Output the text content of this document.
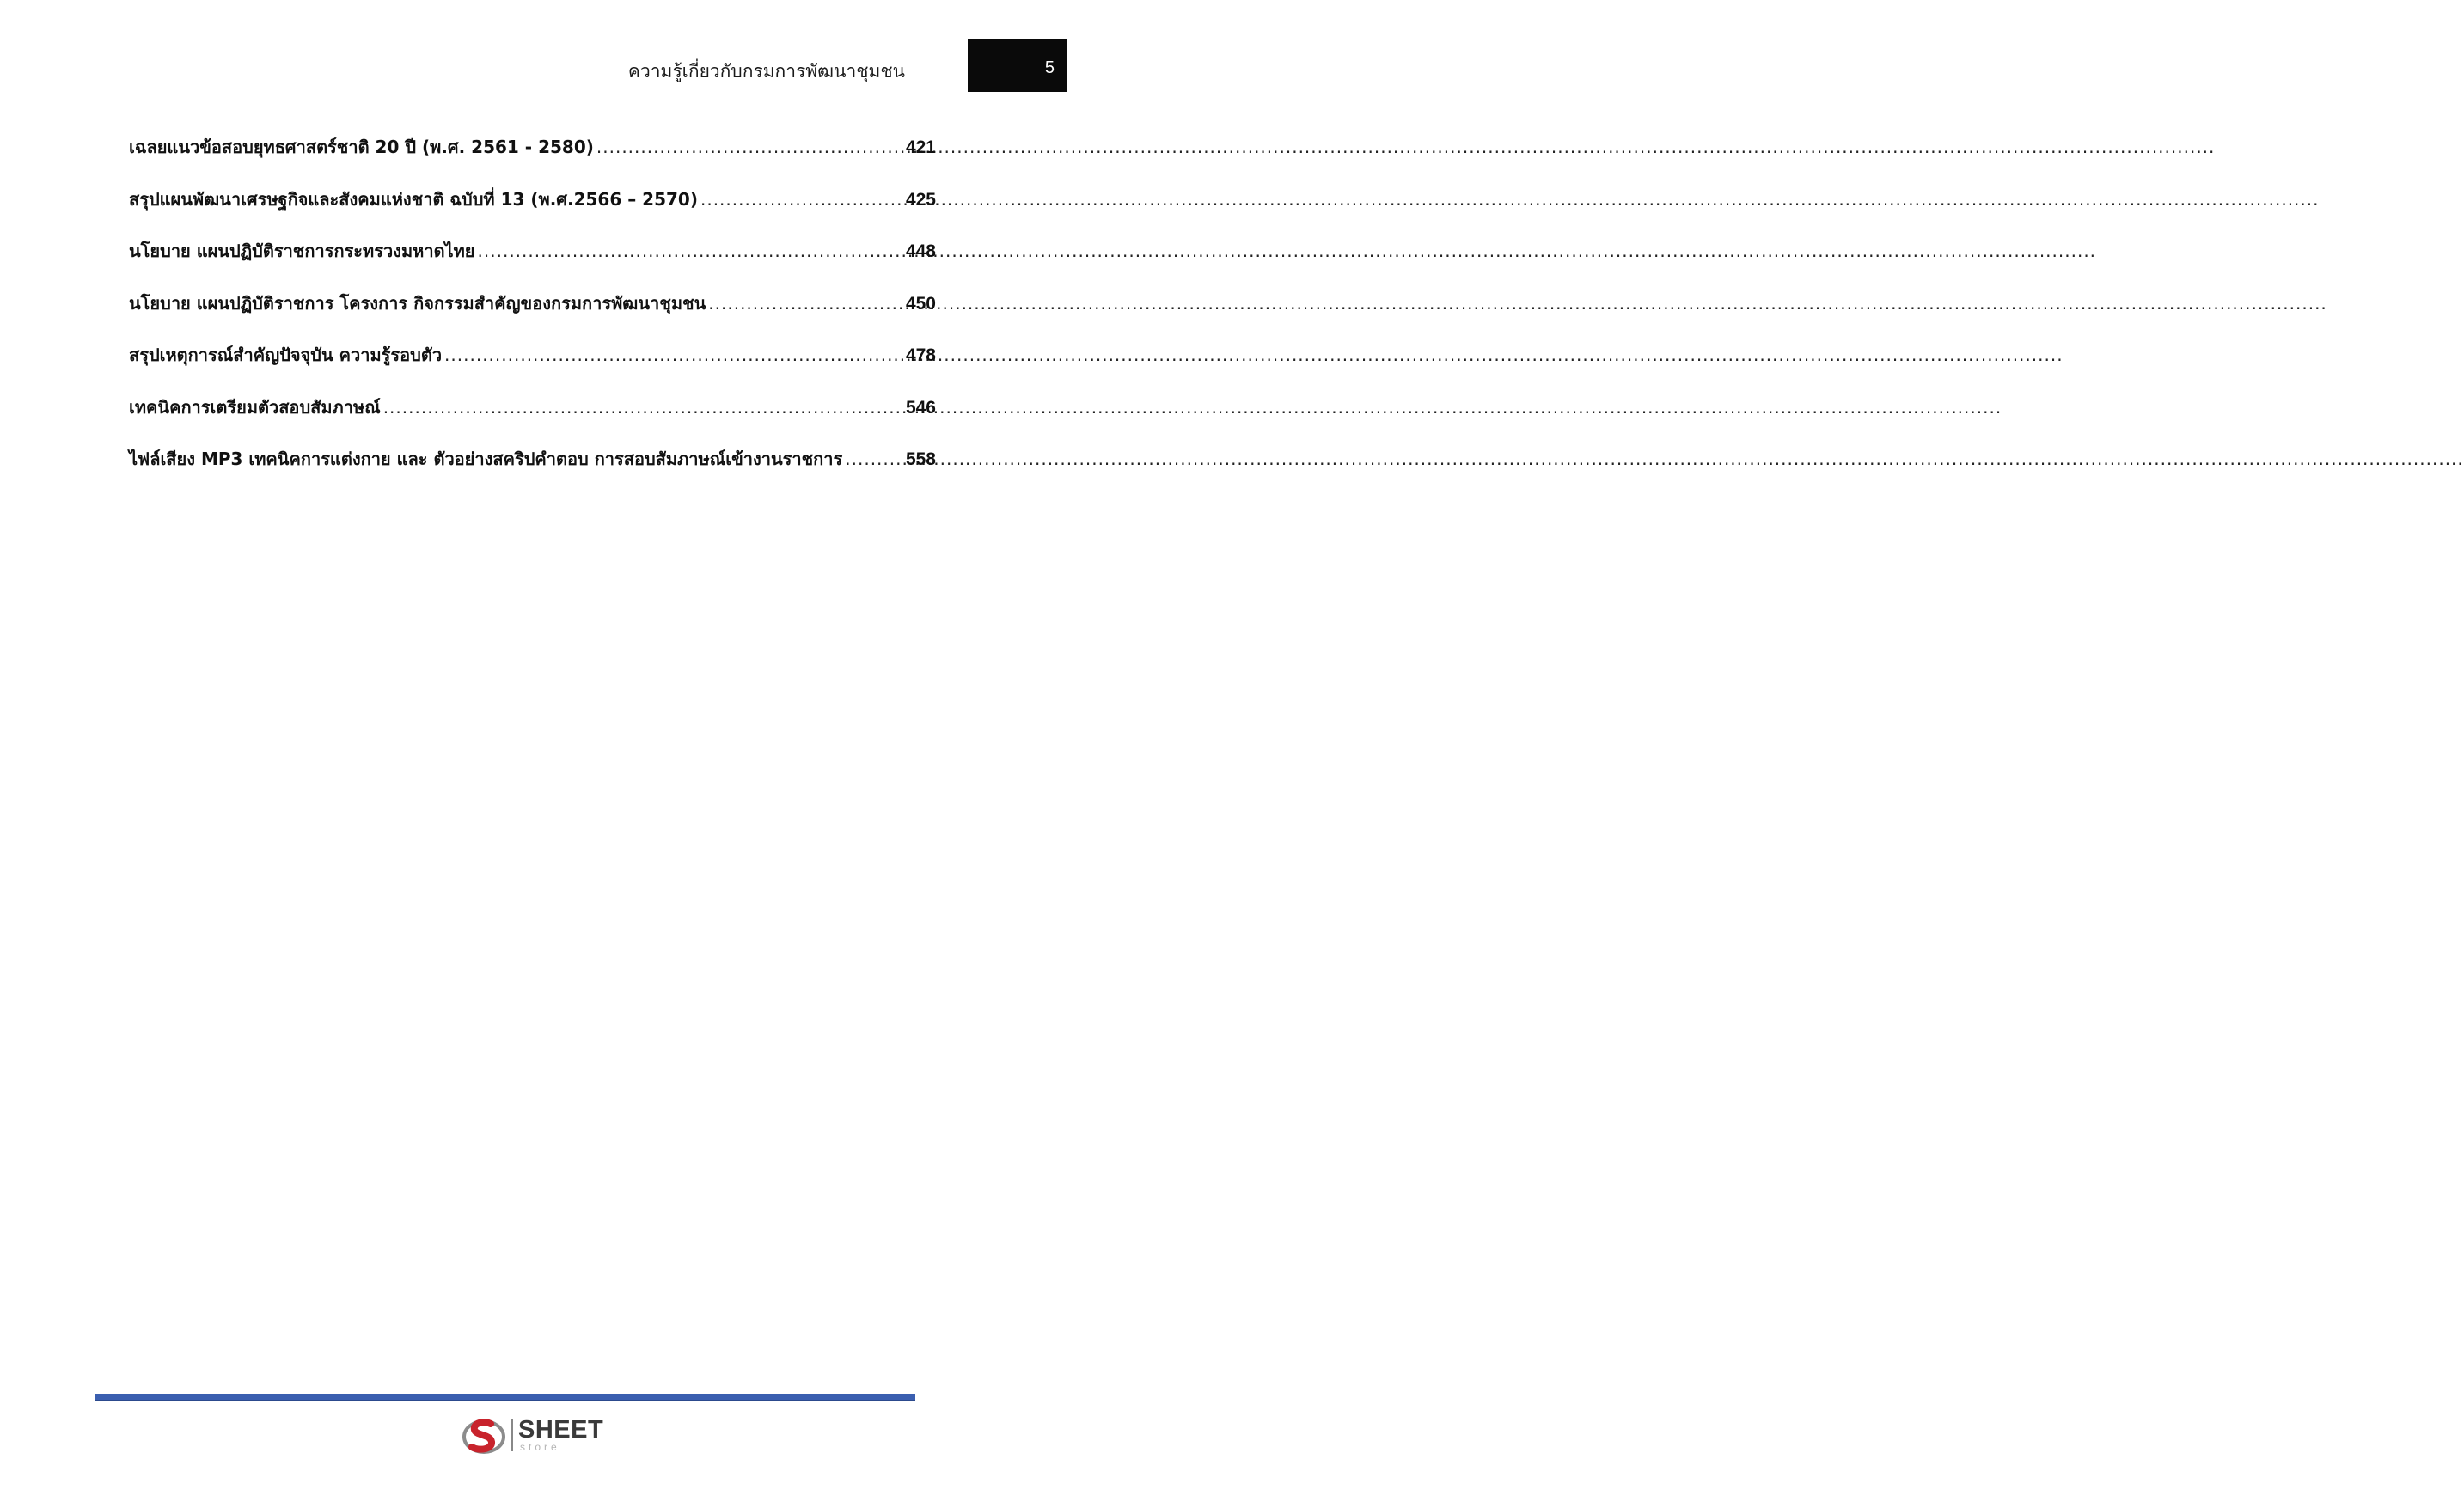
ความรู้เกี่ยวกับกรมการพัฒนาชุมชน	5
เฉลยแนวข้อสอบยุทธศาสตร์ชาติ 20 ปี (พ.ศ. 2561 - 2580) .....	421
สรุปแผนพัฒนาเศรษฐกิจและสังคมแห่งชาติ ฉบับที่ 13 (พ.ศ.2566 – 2570) .....	425
นโยบาย แผนปฏิบัติราชการกระทรวงมหาดไทย .....	448
นโยบาย แผนปฏิบัติราชการ โครงการ กิจกรรมสำคัญของกรมการพัฒนาชุมชน .....	450
สรุปเหตุการณ์สำคัญปัจจุบัน ความรู้รอบตัว .....	478
เทคนิคการเตรียมตัวสอบสัมภาษณ์ .....	546
ไฟล์เสียง MP3 เทคนิคการแต่งกาย และ ตัวอย่างสคริปคำตอบ การสอบสัมภาษณ์เข้างานราชการ .....	558
SHEET
store
